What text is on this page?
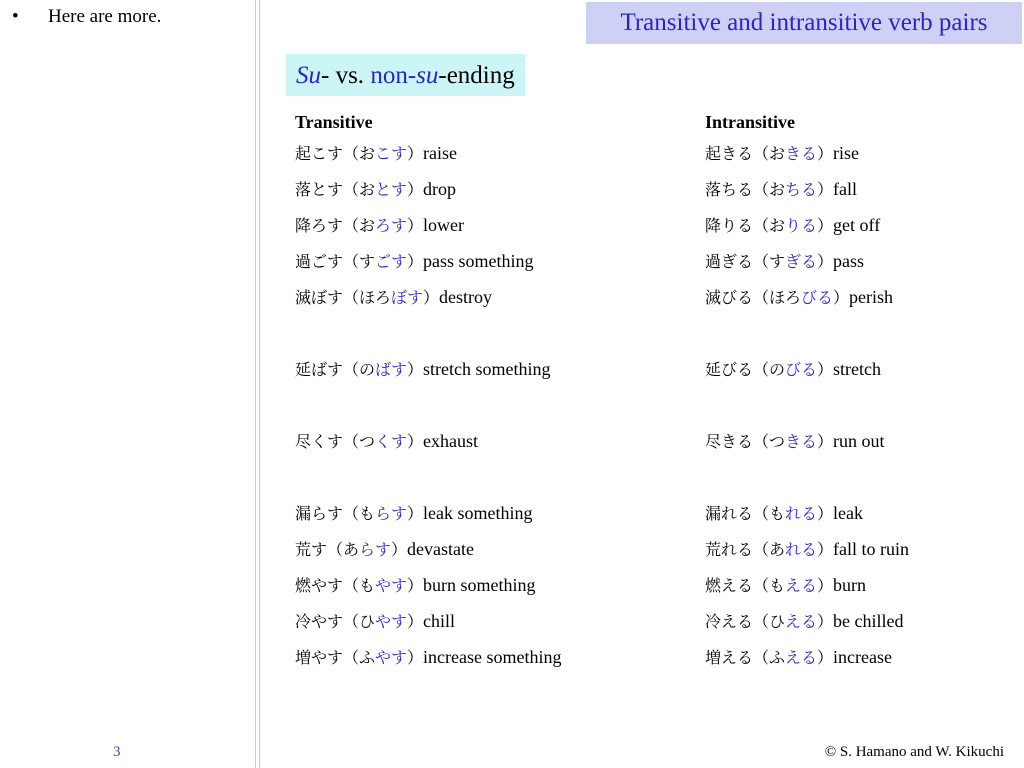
• Here are more.
3
Transitive and intransitive verb pairs
Su- vs. non-su-ending
Transitive
起こす（おこす）raise
落とす（おとす）drop
降ろす（おろす）lower
過ごす（すごす）pass something
滅ぼす（ほろぼす）destroy
延ばす（のばす）stretch something
尽くす（つくす）exhaust
漏らす（もらす）leak something
荒す（あらす）devastate
燃やす（もやす）burn something
冷やす（ひやす）chill
増やす（ふやす）increase something
Intransitive
起きる（おきる）rise
落ちる（おちる）fall
降りる（おりる）get off
過ぎる（すぎる）pass
滅びる（ほろびる）perish
延びる（のびる）stretch
尽きる（つきる）run out
漏れる（もれる）leak
荒れる（あれる）fall to ruin
燃える（もえる）burn
冷える（ひえる）be chilled
増える（ふえる）increase
© S. Hamano and W. Kikuchi
